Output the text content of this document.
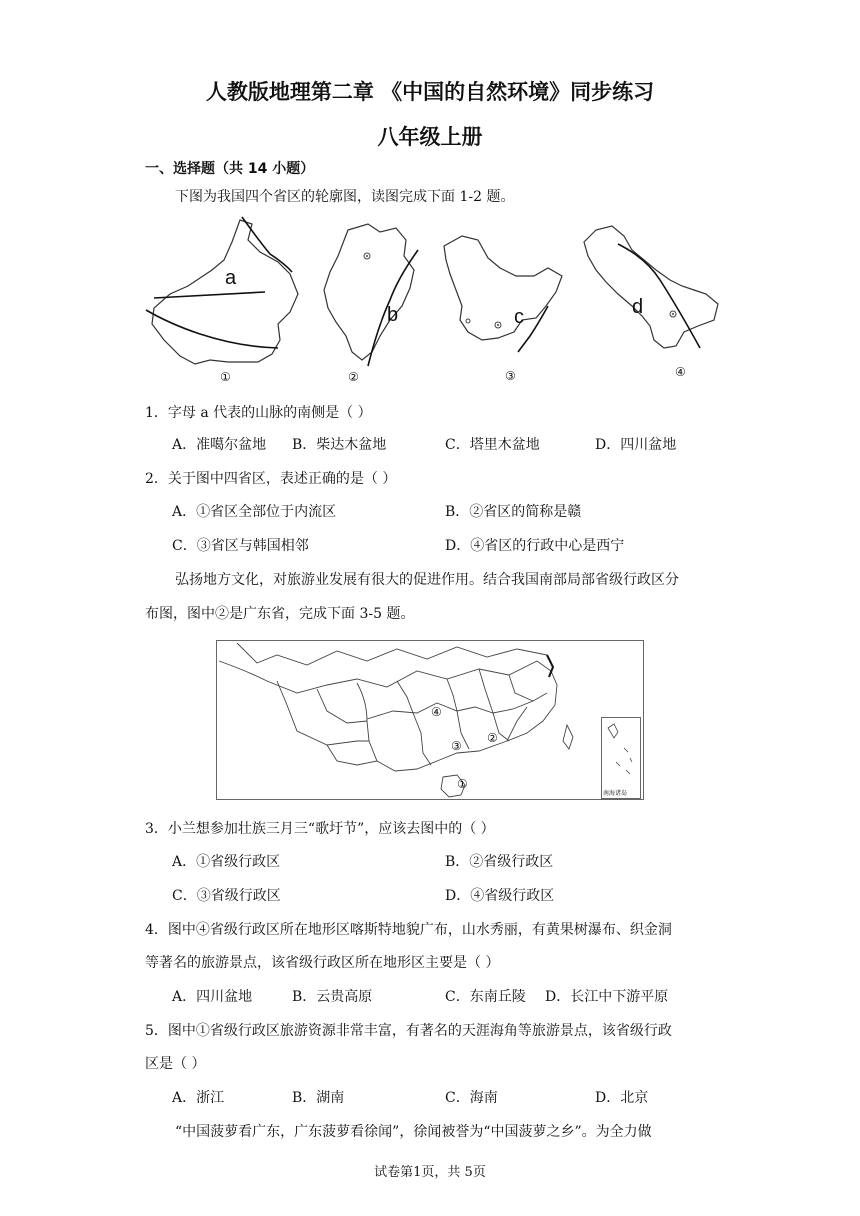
人教版地理第二章 《中国的自然环境》同步练习
八年级上册
一、选择题（共 14 小题）
下图为我国四个省区的轮廓图，读图完成下面 1-2 题。
a
①
b
②
c
③
d
④
1．字母 a 代表的山脉的南侧是（ ）
A．准噶尔盆地 B．柴达木盆地	C．塔里木盆地	D．四川盆地
2．关于图中四省区，表述正确的是（ ）
A．①省区全部位于内流区	B．②省区的简称是赣
C．③省区与韩国相邻	D．④省区的行政中心是西宁
弘扬地方文化，对旅游业发展有很大的促进作用。结合我国南部局部省级行政区分
布图，图中②是广东省，完成下面 3-5 题。
④
③
②
①
南海诸岛
3．小兰想参加壮族三月三“歌圩节”，应该去图中的（ ）
A．①省级行政区	B．②省级行政区
C．③省级行政区	D．④省级行政区
4．图中④省级行政区所在地形区喀斯特地貌广布，山水秀丽，有黄果树瀑布、织金洞
等著名的旅游景点，该省级行政区所在地形区主要是（ ）
A．四川盆地	B．云贵高原	C．东南丘陵 D．长江中下游平原
5．图中①省级行政区旅游资源非常丰富，有著名的天涯海角等旅游景点，该省级行政
区是（ ）
A．浙江	B．湖南	C．海南	D．北京
“中国菠萝看广东，广东菠萝看徐闻”，徐闻被誉为“中国菠萝之乡”。为全力做
试卷第1页，共 5页
